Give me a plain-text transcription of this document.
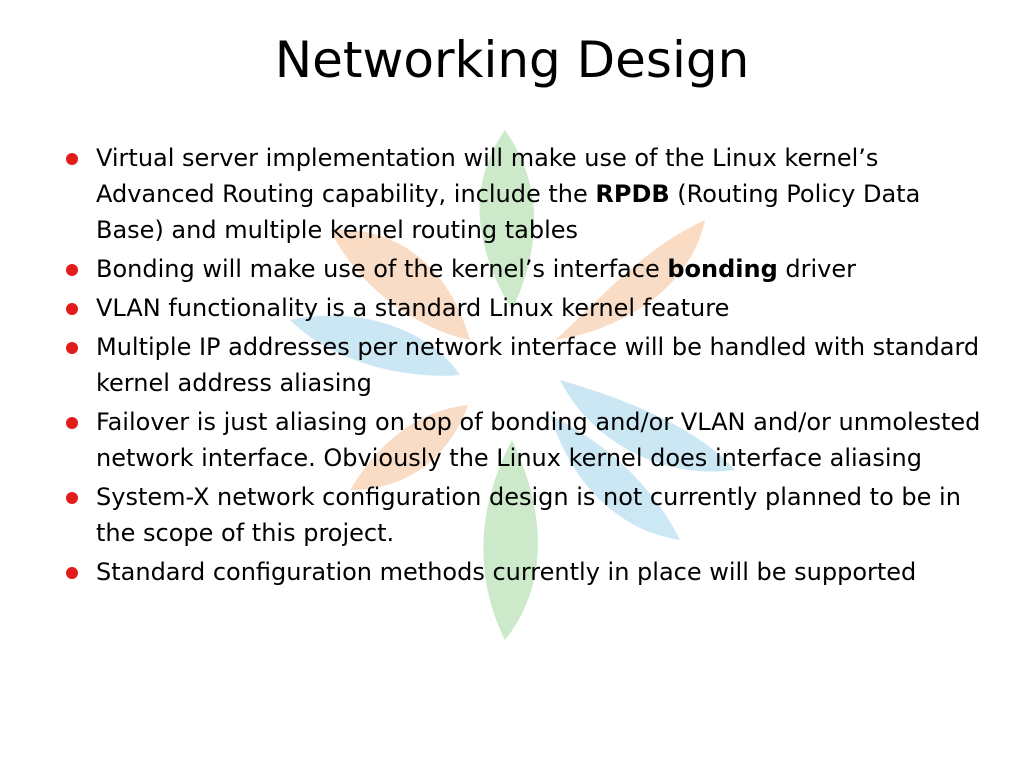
Networking Design
Virtual server implementation will make use of the Linux kernel’s Advanced Routing capability, include the RPDB (Routing Policy Data Base) and multiple kernel routing tables
Bonding will make use of the kernel’s interface bonding driver
VLAN functionality is a standard Linux kernel feature
Multiple IP addresses per network interface will be handled with standard kernel address aliasing
Failover is just aliasing on top of bonding and/or VLAN and/or unmolested network interface. Obviously the Linux kernel does interface aliasing
System-X network configuration design is not currently planned to be in the scope of this project.
Standard configuration methods currently in place will be supported
